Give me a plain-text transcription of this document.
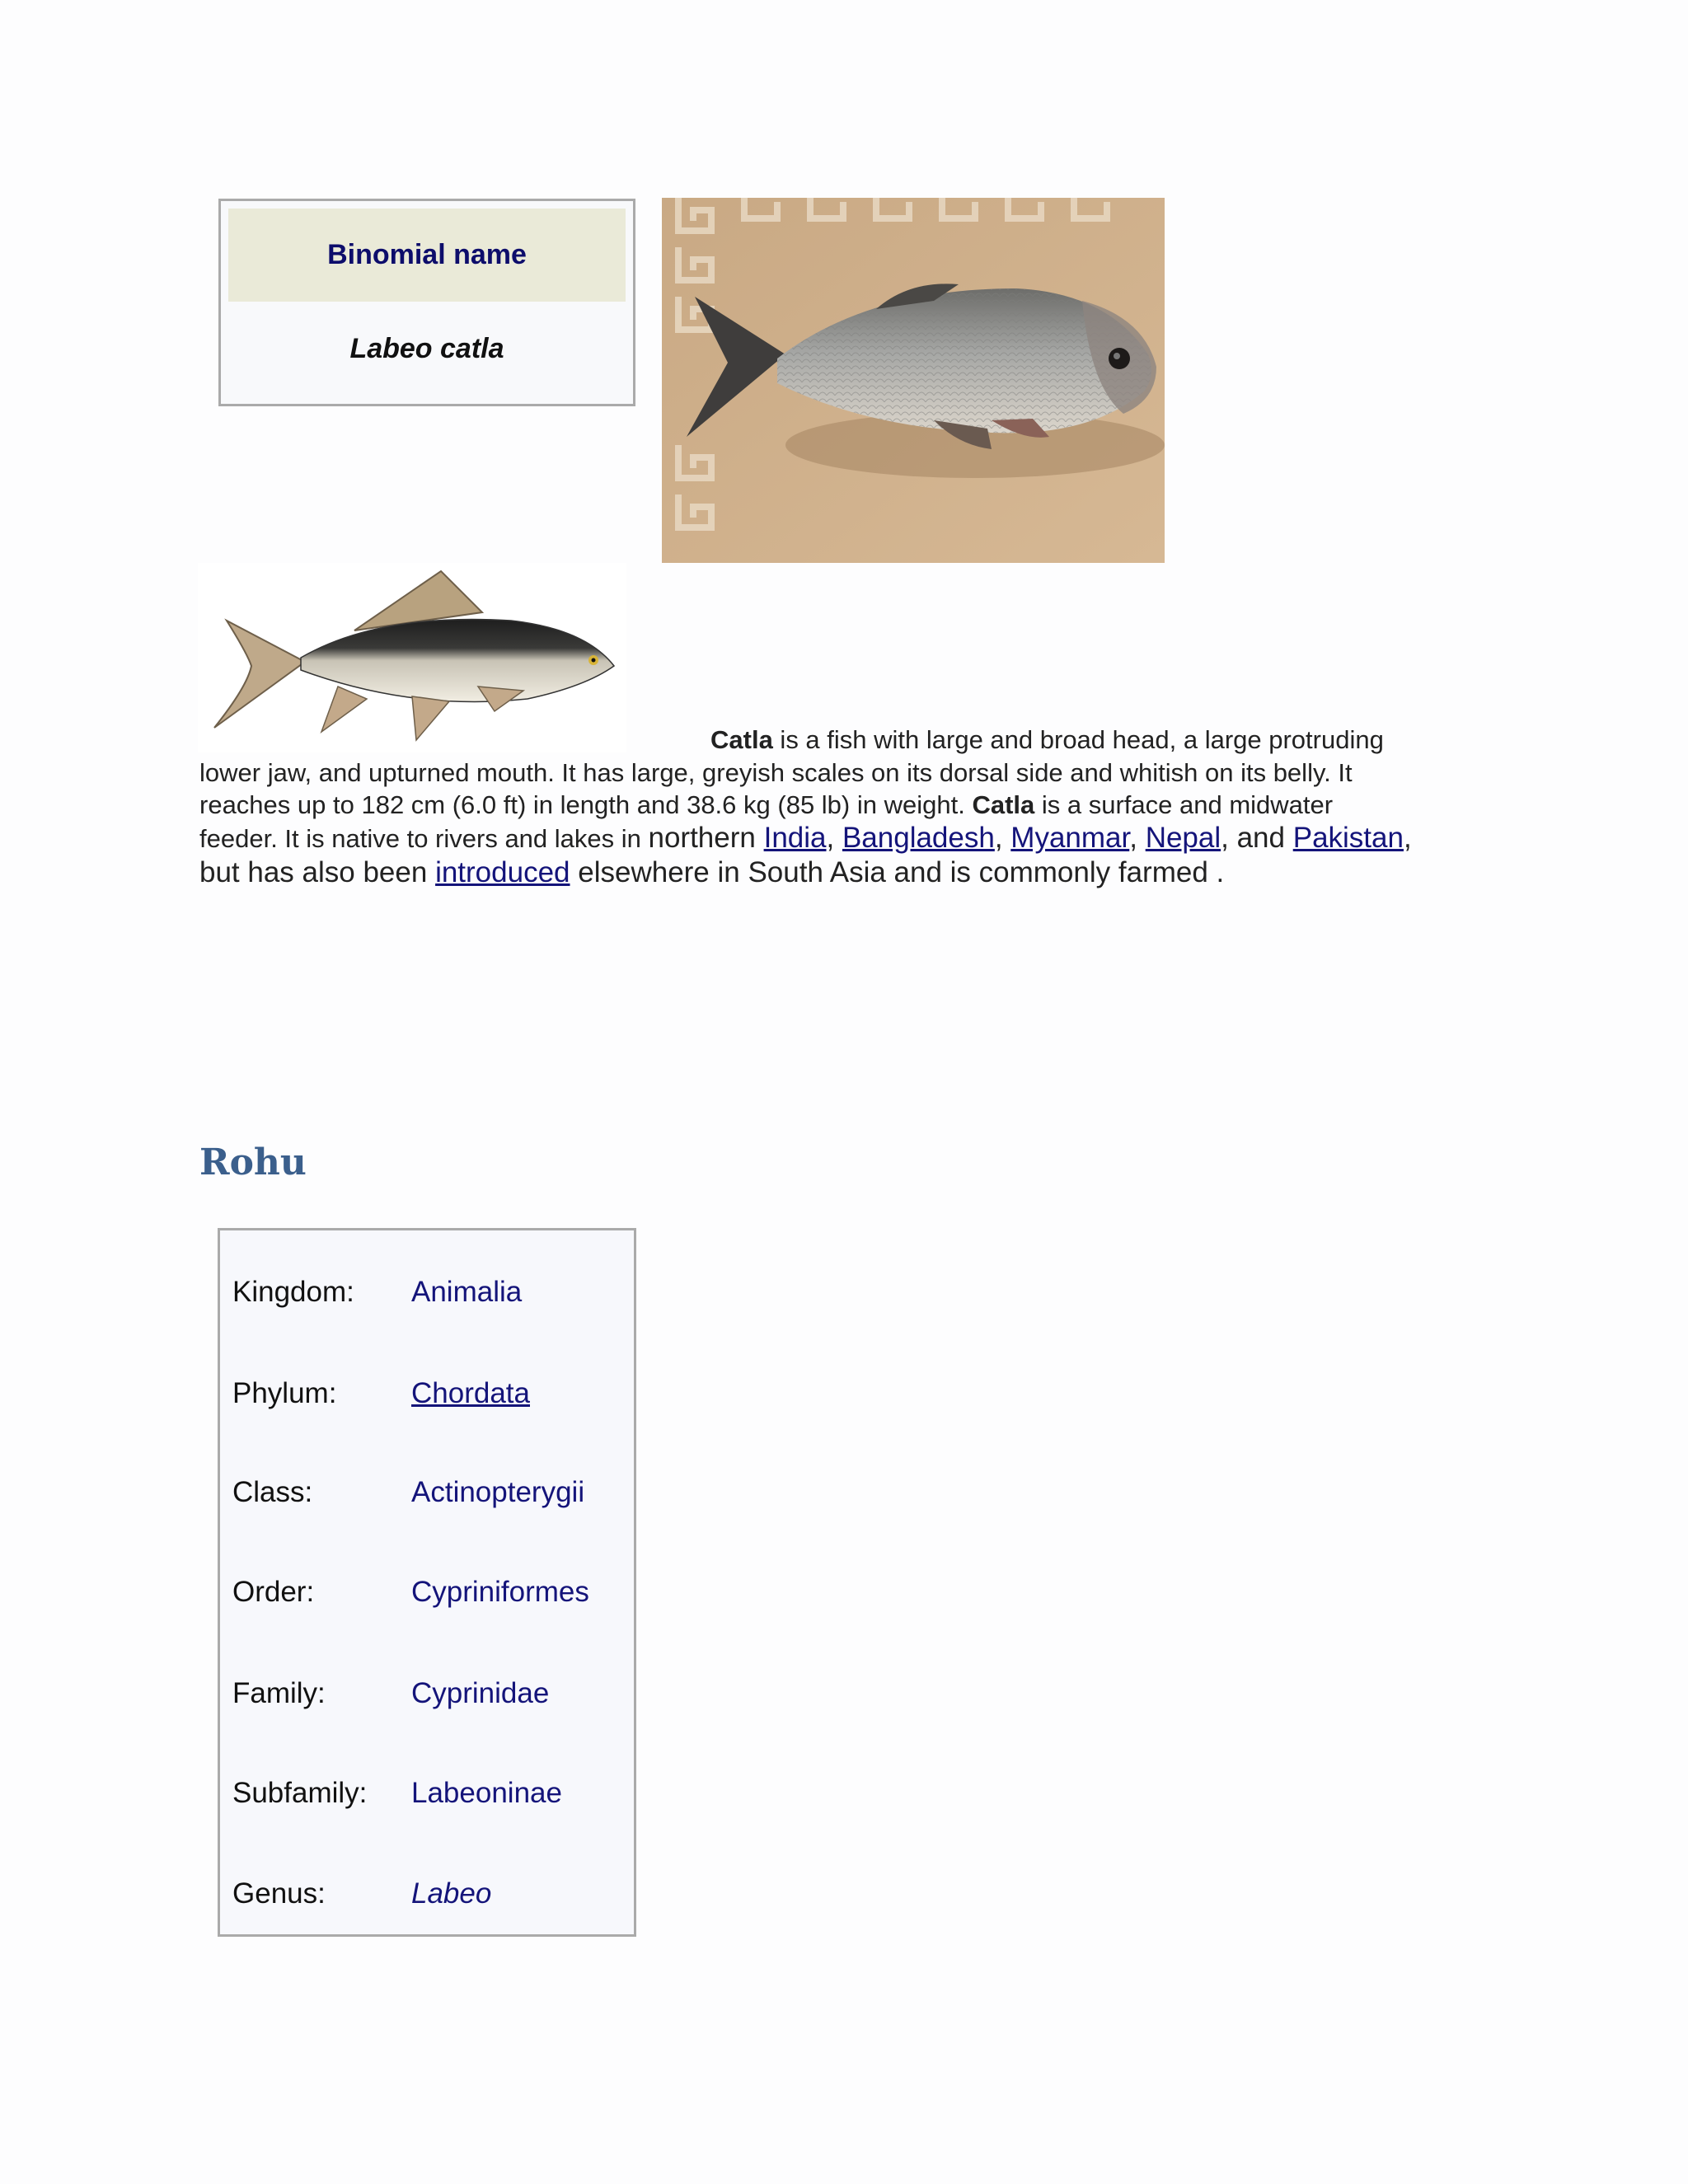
Binomial name
Labeo catla
Catla is a fish with large and broad head, a large protruding
lower jaw, and upturned mouth. It has large, greyish scales on its dorsal side and whitish on its belly. It
reaches up to 182 cm (6.0 ft) in length and 38.6 kg (85 lb) in weight. Catla is a surface and midwater
feeder. It is native to rivers and lakes in northern India, Bangladesh, Myanmar, Nepal, and Pakistan,
but has also been introduced elsewhere in South Asia and is commonly farmed .
Rohu
Kingdom: Animalia
Phylum:	Chordata
Class:	Actinopterygii
Order:	Cypriniformes
Family:	Cyprinidae
Subfamily: Labeoninae
Genus:	Labeo
